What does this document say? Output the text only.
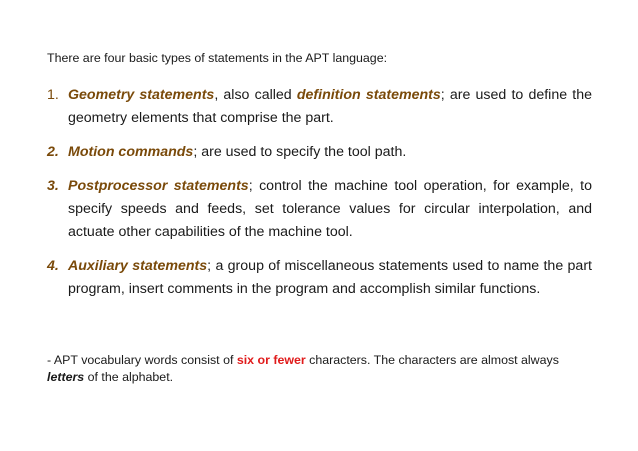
There are four basic types of statements in the APT language:
1. Geometry statements, also called definition statements; are used to define the geometry elements that comprise the part.
2. Motion commands; are used to specify the tool path.
3. Postprocessor statements; control the machine tool operation, for example, to specify speeds and feeds, set tolerance values for circular interpolation, and actuate other capabilities of the machine tool.
4. Auxiliary statements; a group of miscellaneous statements used to name the part program, insert comments in the program and accomplish similar functions.
- APT vocabulary words consist of six or fewer characters. The characters are almost always letters of the alphabet.
